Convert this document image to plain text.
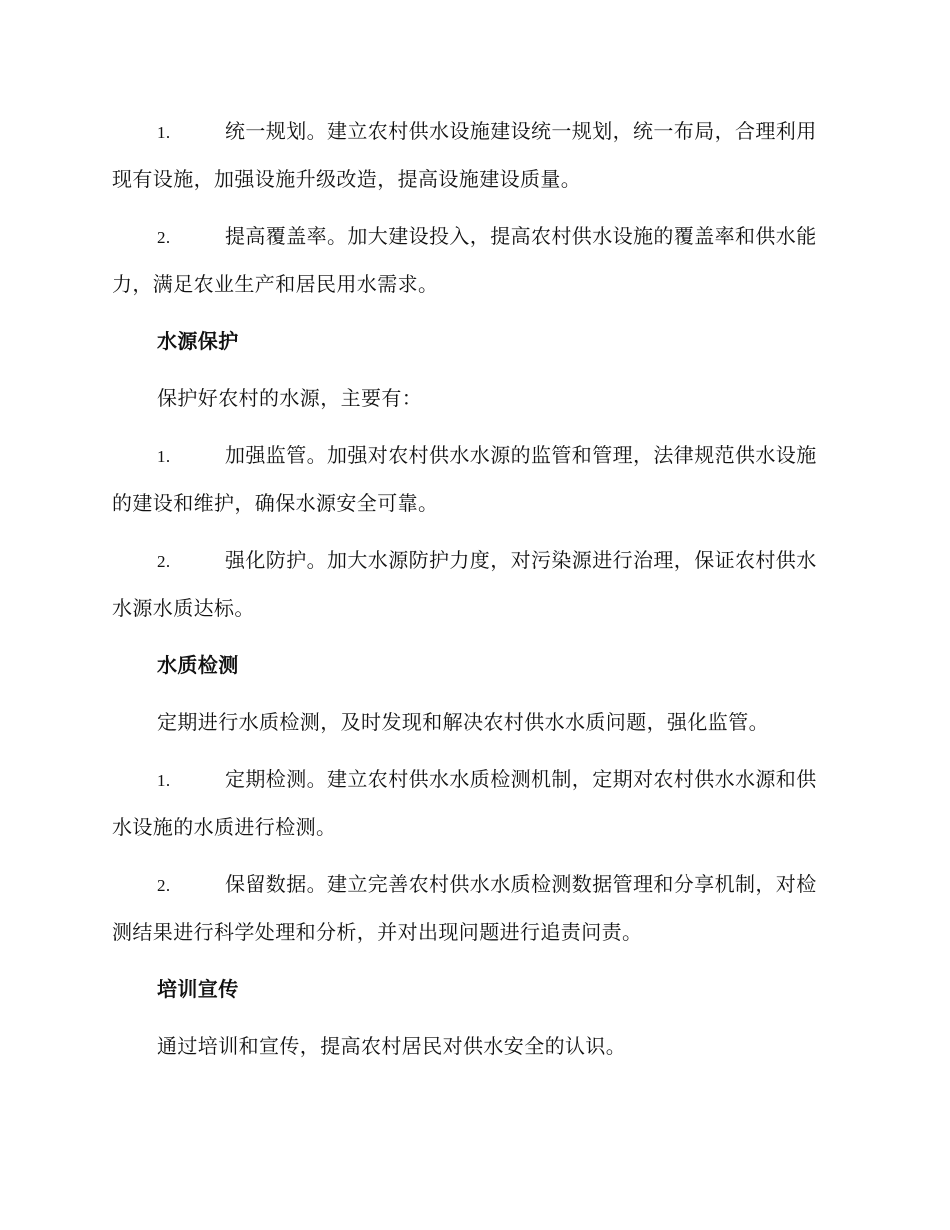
1.	统一规划。建立农村供水设施建设统一规划，统一布局，合理利用现有设施，加强设施升级改造，提高设施建设质量。

2.	提高覆盖率。加大建设投入，提高农村供水设施的覆盖率和供水能力，满足农业生产和居民用水需求。

水源保护

保护好农村的水源，主要有：

1.	加强监管。加强对农村供水水源的监管和管理，法律规范供水设施的建设和维护，确保水源安全可靠。

2.	强化防护。加大水源防护力度，对污染源进行治理，保证农村供水水源水质达标。

水质检测

定期进行水质检测，及时发现和解决农村供水水质问题，强化监管。

1.	定期检测。建立农村供水水质检测机制，定期对农村供水水源和供水设施的水质进行检测。

2.	保留数据。建立完善农村供水水质检测数据管理和分享机制，对检测结果进行科学处理和分析，并对出现问题进行追责问责。

培训宣传

通过培训和宣传，提高农村居民对供水安全的认识。
